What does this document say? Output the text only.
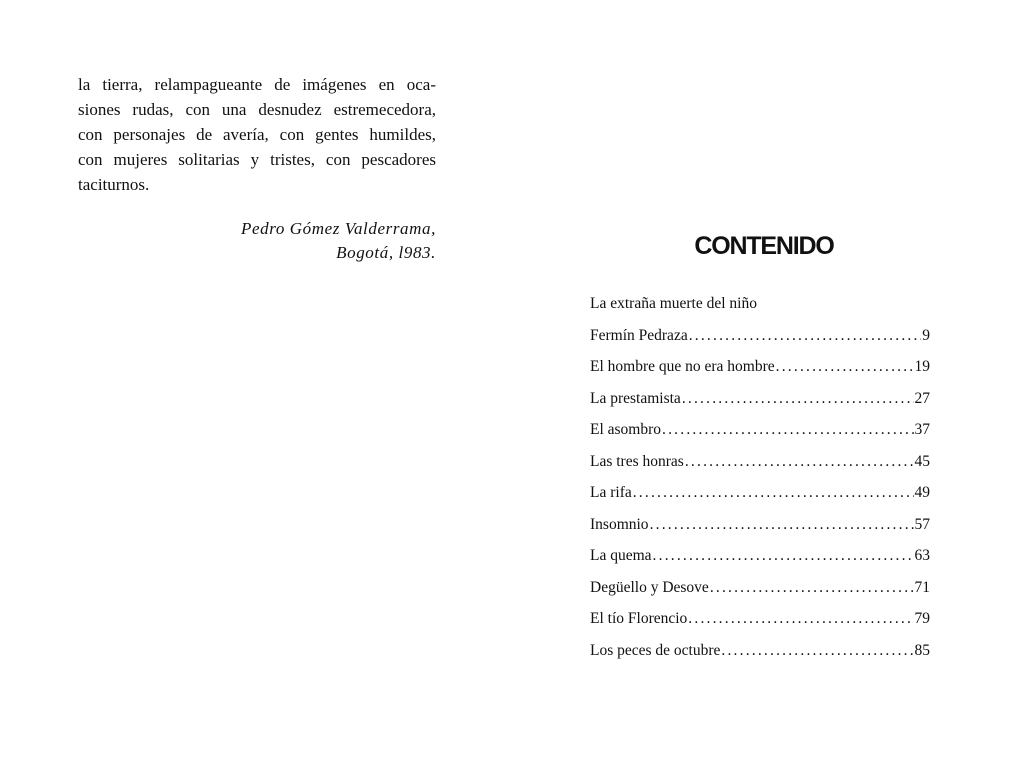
la tierra, relampagueante de imágenes en oca-
siones rudas, con una desnudez estremecedora,
con personajes de avería, con gentes humildes,
con mujeres solitarias y tristes, con pescadores
taciturnos.

Pedro Gómez Valderrama,
Bogotá, l983.	CONTENIDO
La extraña muerte del niño
Fermín Pedraza .....	9
El hombre que no era hombre .....	19
La prestamista .....	27
El asombro .....	37
Las tres honras .....	45
La rifa .....	49
Insomnio .....	57
La quema .....	63
Degüello y Desove .....	71
El tío Florencio .....	79
Los peces de octubre .....	85
